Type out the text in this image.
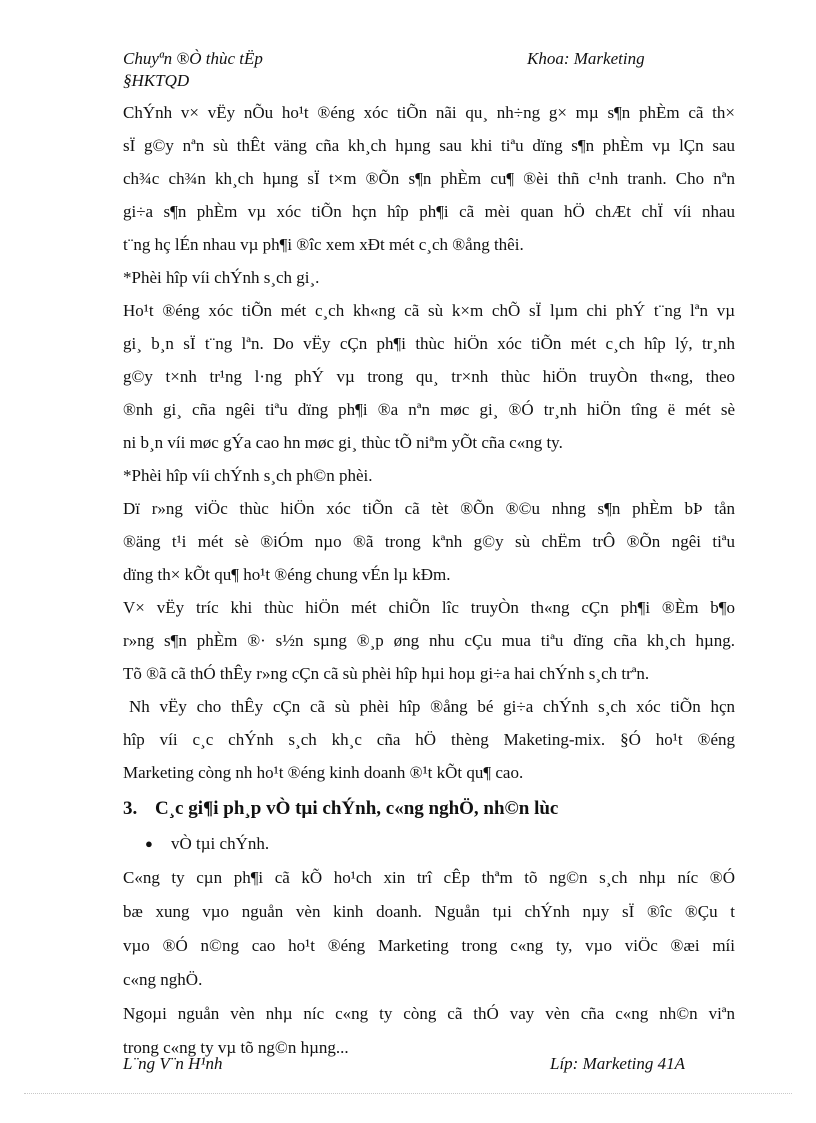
Chuyªn ®Ò thùc tËp
§HKTQD
Khoa: Marketing
ChÝnh v× vËy nÕu ho¹t ®éng xóc tiÕn nãi qu¸ nh÷ng g× mµ s¶n phÈm cã th×
sÏ g©y nªn sù thÊt väng cña kh¸ch hµng sau khi tiªu dïng s¶n phÈm vµ lÇn sau
ch¾c ch¾n kh¸ch hµng sÏ t×m ®Õn s¶n phÈm cu¶ ®èi thñ c¹nh tranh. Cho nªn
gi÷a s¶n phÈm vµ xóc tiÕn hçn hîp ph¶i cã mèi quan hÖ chÆt chÏ víi nhau
t¨ng hç lÉn nhau vµ ph¶i ®îc xem xÐt mét c¸ch ®ång thêi.
*Phèi hîp víi chÝnh s¸ch gi¸.
Ho¹t ®éng xóc tiÕn mét c¸ch kh«ng cã sù k×m chÕ sÏ lµm chi phÝ t¨ng lªn vµ
gi¸ b¸n sÏ t¨ng lªn. Do vËy cÇn ph¶i thùc hiÖn xóc tiÕn mét c¸ch hîp lý, tr¸nh
g©y t×nh tr¹ng l·ng phÝ vµ trong qu¸ tr×nh thùc hiÖn truyÒn th«ng, theo
®nh gi¸ cña ngêi tiªu dïng ph¶i ®a nªn møc gi¸ ®Ó tr¸nh hiÖn tîng ë mét sè
ni b¸n víi møc gÝa cao hn møc gi¸ thùc tÕ niªm yÕt cña c«ng ty.
*Phèi hîp víi chÝnh s¸ch ph©n phèi.
Dï r»ng viÖc thùc hiÖn xóc tiÕn cã tèt ®Õn ®©u nhng s¶n phÈm bÞ tån
®äng t¹i mét sè ®iÓm nµo ®ã trong kªnh g©y sù chËm trÔ ®Õn ngêi tiªu
dïng th× kÕt qu¶ ho¹t ®éng chung vÉn lµ kÐm.
V× vËy tríc khi thùc hiÖn mét chiÕn lîc truyÒn th«ng cÇn ph¶i ®Èm b¶o
r»ng s¶n phÈm ®· s½n sµng ®¸p øng nhu cÇu mua tiªu dïng cña kh¸ch hµng.
Tõ ®ã cã thÓ thÊy r»ng cÇn cã sù phèi hîp hµi hoµ gi÷a hai chÝnh s¸ch trªn.
Nh vËy cho thÊy cÇn cã sù phèi hîp ®ång bé gi÷a chÝnh s¸ch xóc tiÕn hçn
hîp víi c¸c chÝnh s¸ch kh¸c cña hÖ thèng Maketing-mix. §Ó ho¹t ®éng
Marketing còng nh ho¹t ®éng kinh doanh ®¹t kÕt qu¶ cao.
3. C¸c gi¶i ph¸p vÒ tµi chÝnh, c«ng nghÖ, nh©n lùc
● vÒ tµi chÝnh.
C«ng ty cµn ph¶i cã kÕ ho¹ch xin trî cÊp thªm tõ ng©n s¸ch nhµ níc ®Ó
bæ xung vµo nguån vèn kinh doanh. Nguån tµi chÝnh nµy sÏ ®îc ®Çu t
vµo ®Ó n©ng cao ho¹t ®éng Marketing trong c«ng ty, vµo viÖc ®æi míi
c«ng nghÖ.
Ngoµi nguån vèn nhµ níc c«ng ty còng cã thÓ vay vèn cña c«ng nh©n viªn
trong c«ng ty vµ tõ ng©n hµng...
L¨ng V¨n H¹nh	Líp: Marketing 41A
